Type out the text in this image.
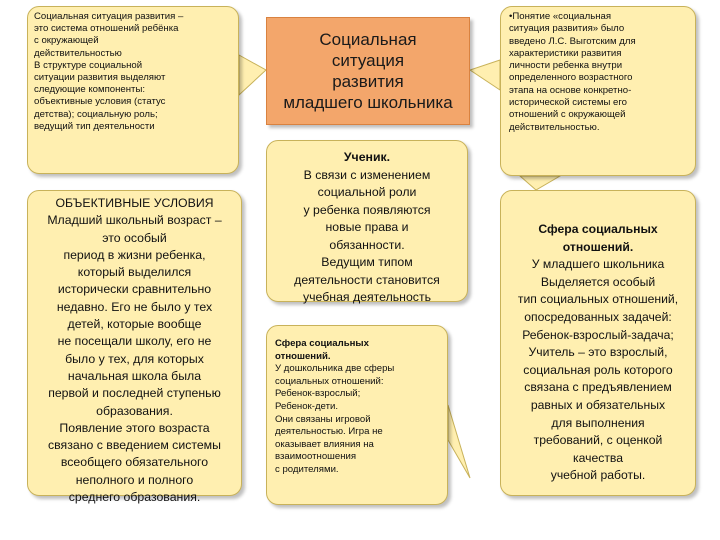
Социальная ситуация развития –
это система отношений ребёнка
с окружающей
действительностью
В структуре социальной
ситуации развития выделяют
следующие компоненты:
объективные условия (статус
детства); социальную роль;
ведущий тип деятельности

Социальная
ситуация
развития
младшего школьника

•Понятие «социальная
ситуация развития» было
введено Л.С. Выготским для
характеристики развития
личности ребенка внутри
определенного возрастного
этапа на основе конкретно-
исторической системы его
отношений с окружающей
действительностью.

ОБЪЕКТИВНЫЕ УСЛОВИЯ

Младший школьный возраст –
это особый
период в жизни ребенка,
который выделился
исторически сравнительно
недавно. Его не было у тех
детей, которые вообще
не посещали школу, его не
было у тех, для которых
начальная школа была
первой и последней ступенью
образования.
Появление этого возраста
связано с введением системы
всеобщего обязательного
неполного и полного
среднего образования.

Ученик.

В связи с изменением
социальной роли
у ребенка появляются
новые права и
обязанности.
Ведущим типом
деятельности становится
учебная деятельность

Сфера социальных
отношений.

У дошкольника две сферы
социальных отношений:
Ребенок-взрослый;
Ребенок-дети.
Они связаны игровой
деятельностью. Игра не
оказывает влияния на
взаимоотношения
с родителями.

Сфера социальных
отношений.

У младшего школьника
Выделяется особый
тип социальных отношений,
опосредованных задачей:
Ребенок-взрослый-задача;
Учитель – это взрослый,
социальная роль которого
связана с предъявлением
равных и обязательных
для выполнения
требований, с оценкой
качества
учебной работы.
